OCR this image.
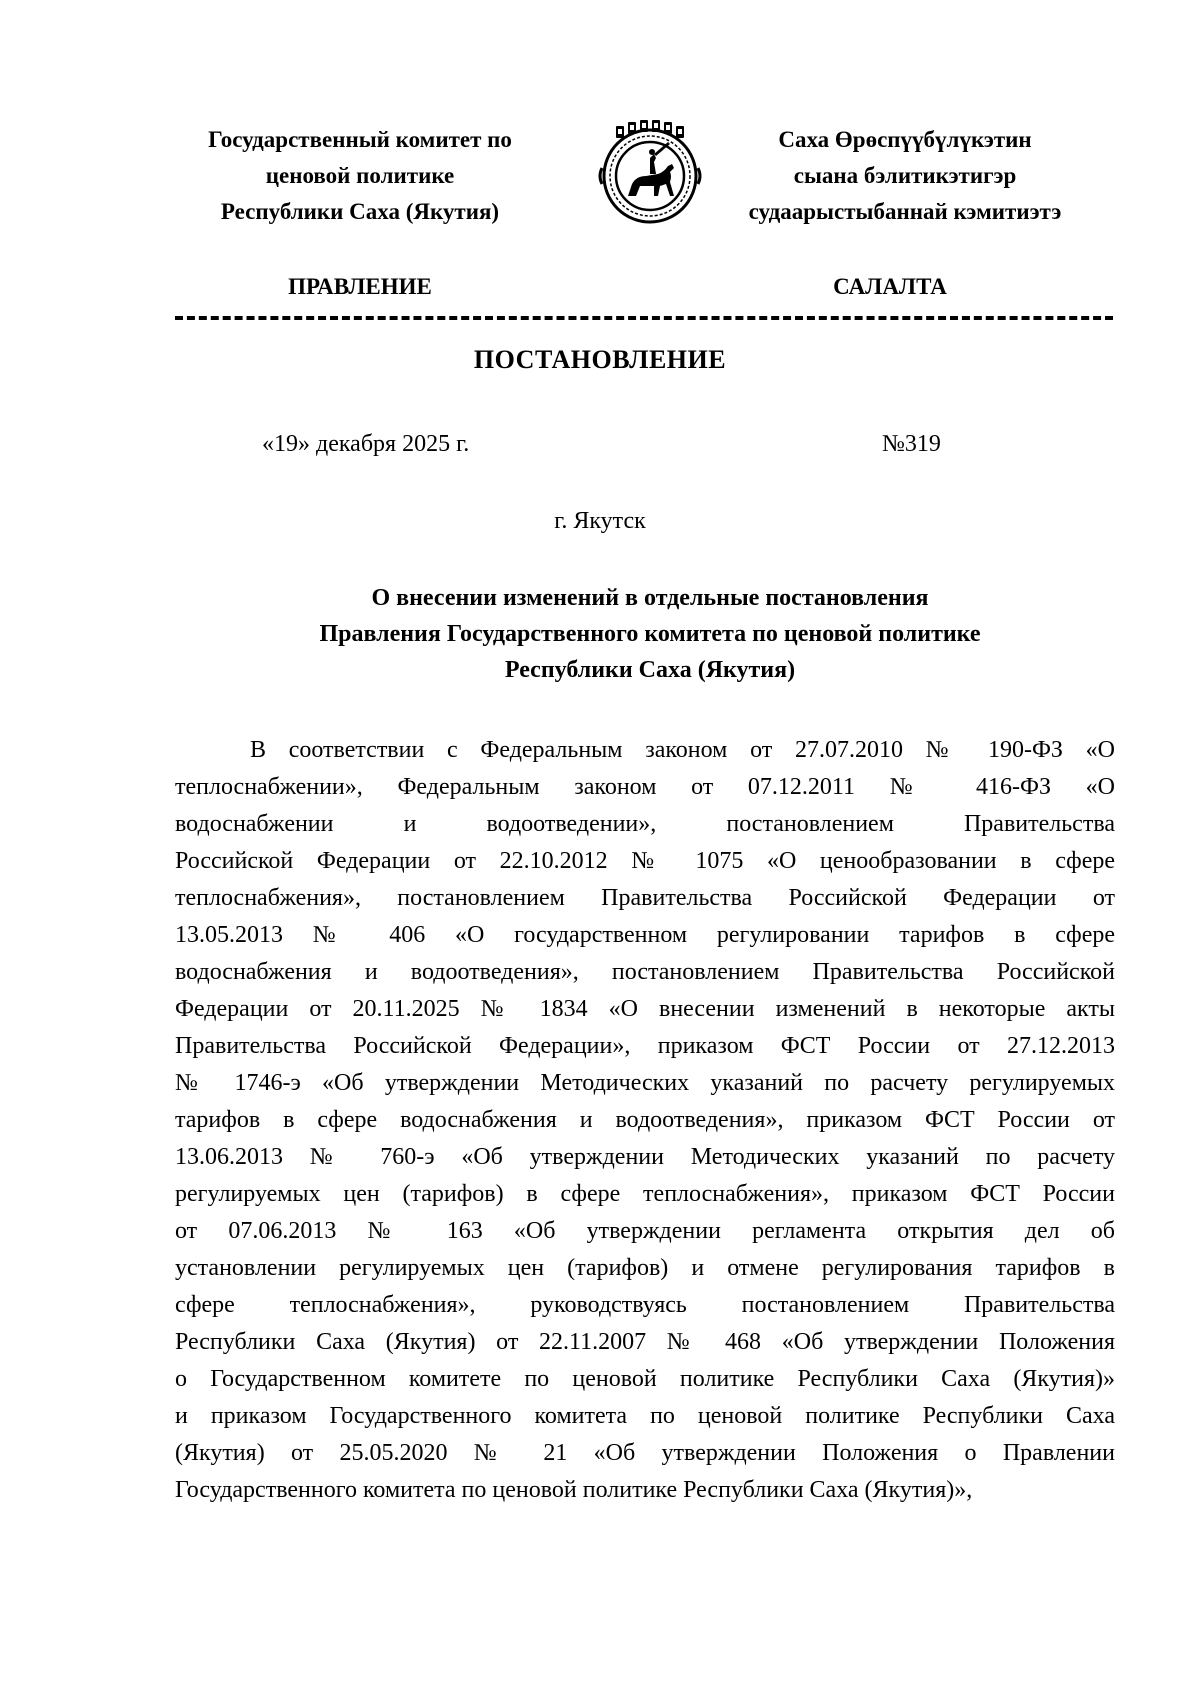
Государственный комитет по
ценовой политике
Республики Саха (Якутия)
Саха Өрөспүүбүлүкэтин
сыана бэлитикэтигэр
судаарыстыбаннай кэмитиэтэ
ПРАВЛЕНИЕ	САЛАЛТА
ПОСТАНОВЛЕНИЕ
«19» декабря 2025 г.	№319
г. Якутск
О внесении изменений в отдельные постановления
Правления Государственного комитета по ценовой политике
Республики Саха (Якутия)
В соответствии с Федеральным законом от 27.07.2010 № 190-ФЗ «О
теплоснабжении», Федеральным законом от 07.12.2011 № 416-ФЗ «О
водоснабжении и водоотведении», постановлением Правительства
Российской Федерации от 22.10.2012 № 1075 «О ценообразовании в сфере
теплоснабжения», постановлением Правительства Российской Федерации от
13.05.2013 № 406 «О государственном регулировании тарифов в сфере
водоснабжения и водоотведения», постановлением Правительства Российской
Федерации от 20.11.2025 № 1834 «О внесении изменений в некоторые акты
Правительства Российской Федерации», приказом ФСТ России от 27.12.2013
№ 1746-э «Об утверждении Методических указаний по расчету регулируемых
тарифов в сфере водоснабжения и водоотведения», приказом ФСТ России от
13.06.2013 № 760-э «Об утверждении Методических указаний по расчету
регулируемых цен (тарифов) в сфере теплоснабжения», приказом ФСТ России
от 07.06.2013 № 163 «Об утверждении регламента открытия дел об
установлении регулируемых цен (тарифов) и отмене регулирования тарифов в
сфере теплоснабжения», руководствуясь постановлением Правительства
Республики Саха (Якутия) от 22.11.2007 № 468 «Об утверждении Положения
о Государственном комитете по ценовой политике Республики Саха (Якутия)»
и приказом Государственного комитета по ценовой политике Республики Саха
(Якутия) от 25.05.2020 № 21 «Об утверждении Положения о Правлении
Государственного комитета по ценовой политике Республики Саха (Якутия)»,
